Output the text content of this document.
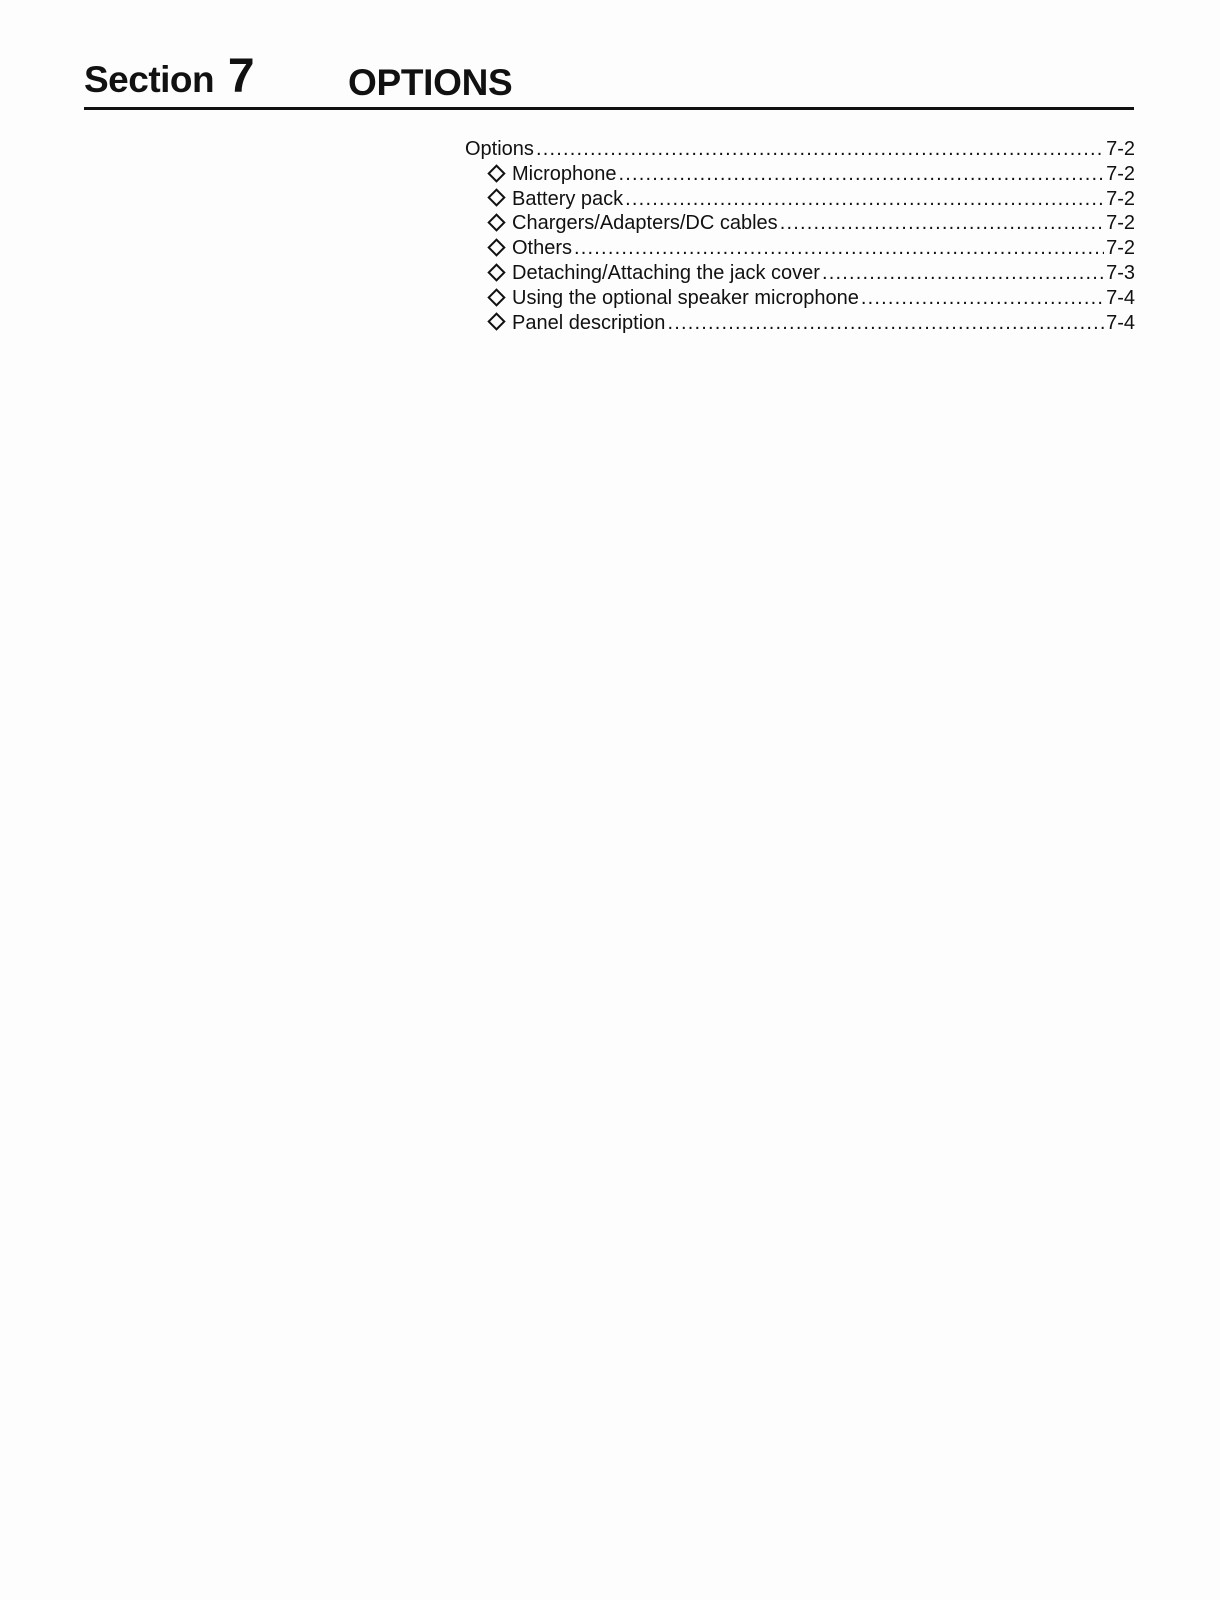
Section 7	OPTIONS
Options .....	7-2
Microphone .....	7-2
Battery pack .....	7-2
Chargers/Adapters/DC cables .....	7-2
Others .....	7-2
Detaching/Attaching the jack cover .....	7-3
Using the optional speaker microphone .....	7-4
Panel description .....	7-4
